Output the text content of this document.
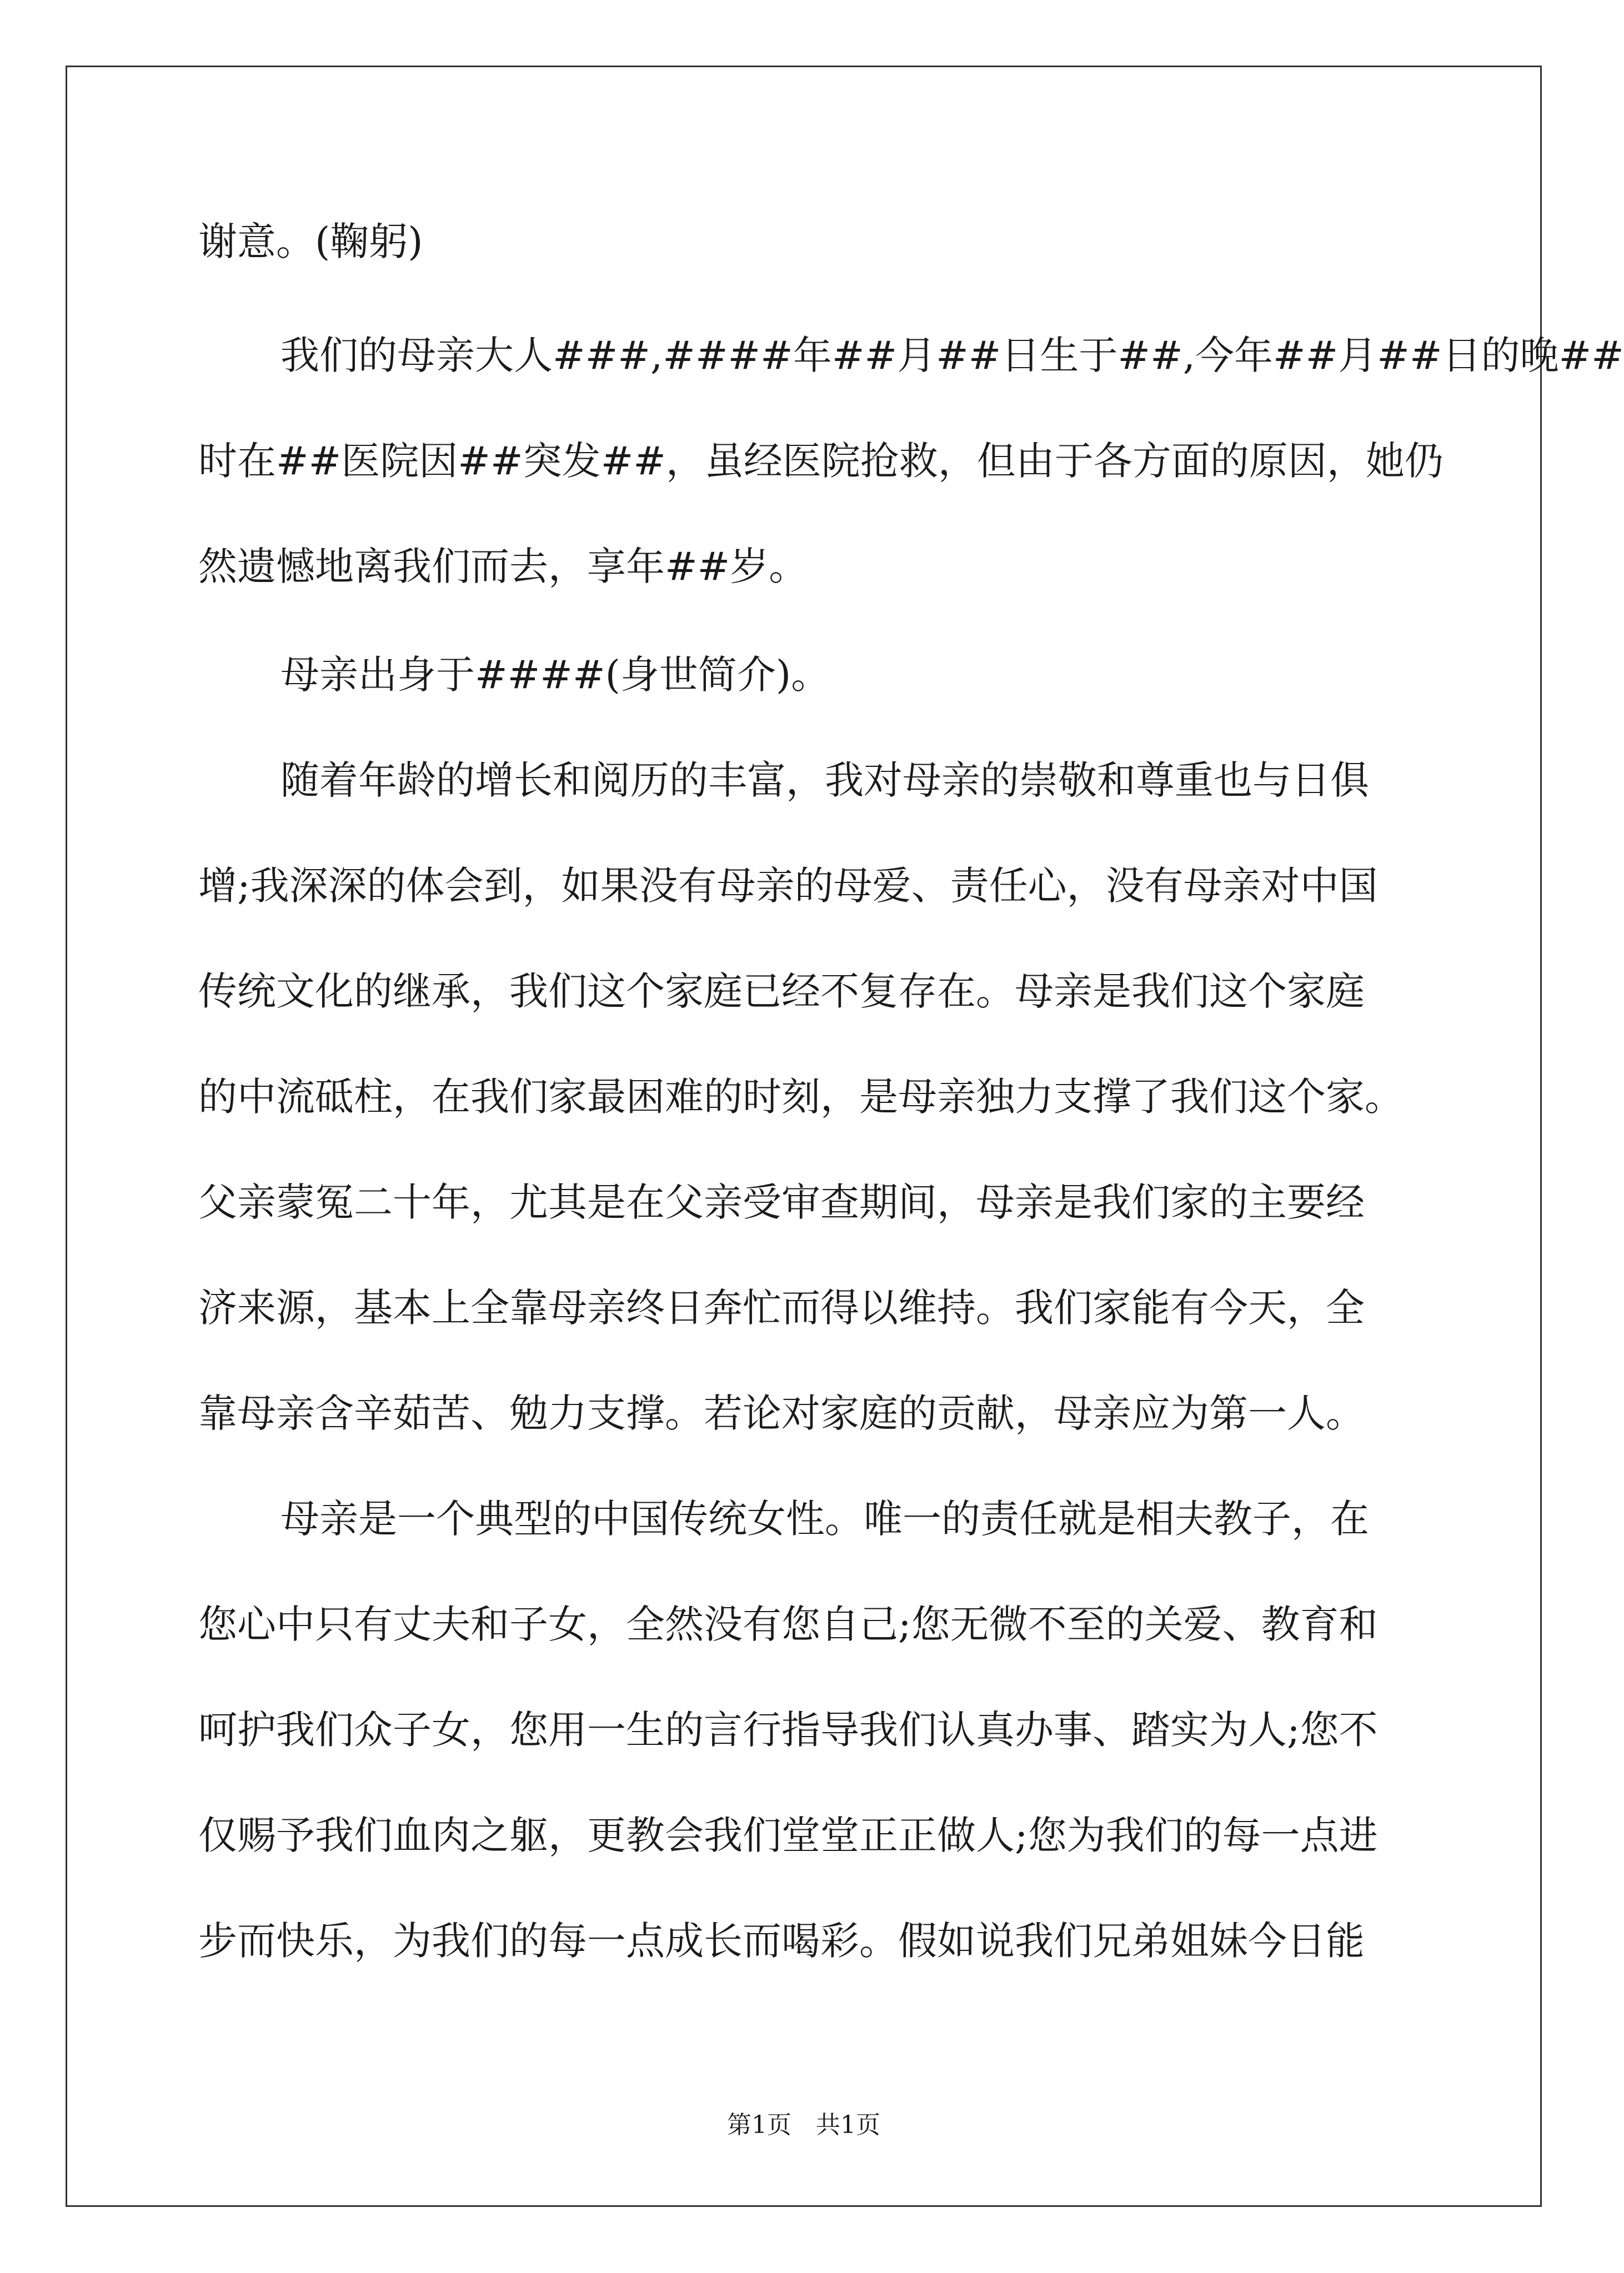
谢意。(鞠躬)
我们的母亲大人###,####年##月##日生于##,今年##月##日的晚##
时在##医院因##突发##，虽经医院抢救，但由于各方面的原因，她仍
然遗憾地离我们而去，享年##岁。
母亲出身于####(身世简介)。
随着年龄的增长和阅历的丰富，我对母亲的崇敬和尊重也与日俱
增;我深深的体会到，如果没有母亲的母爱、责任心，没有母亲对中国
传统文化的继承，我们这个家庭已经不复存在。母亲是我们这个家庭
的中流砥柱，在我们家最困难的时刻，是母亲独力支撑了我们这个家。
父亲蒙冤二十年，尤其是在父亲受审查期间，母亲是我们家的主要经
济来源，基本上全靠母亲终日奔忙而得以维持。我们家能有今天，全
靠母亲含辛茹苦、勉力支撑。若论对家庭的贡献，母亲应为第一人。
母亲是一个典型的中国传统女性。唯一的责任就是相夫教子，在
您心中只有丈夫和子女，全然没有您自己;您无微不至的关爱、教育和
呵护我们众子女，您用一生的言行指导我们认真办事、踏实为人;您不
仅赐予我们血肉之躯，更教会我们堂堂正正做人;您为我们的每一点进
步而快乐，为我们的每一点成长而喝彩。假如说我们兄弟姐妹今日能
第1页　共1页
